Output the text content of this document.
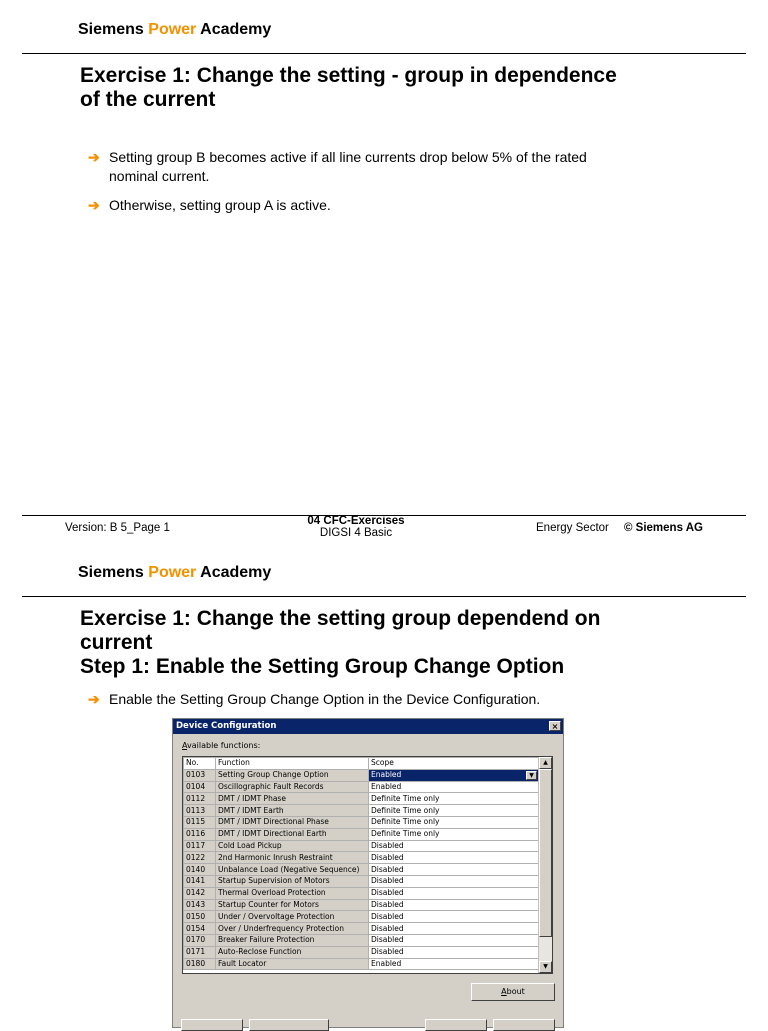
Siemens Power Academy
Exercise 1: Change the setting - group in dependence
of the current
➔ Setting group B becomes active if all line currents drop below 5% of the rated
nominal current.
➔ Otherwise, setting group A is active.
Version: B 5_Page 1
04 CFC-Exercises
DIGSI 4 Basic	Energy Sector © Siemens AG
Siemens Power Academy
Exercise 1: Change the setting group dependend on
current
Step 1: Enable the Setting Group Change Option
➔ Enable the Setting Group Change Option in the Device Configuration.
Device Configuration	×
Available functions:
No.	Function	Scope
0103	Setting Group Change Option	Enabled ▼

0104	Oscillographic Fault Records	Enabled
0112	DMT / IDMT Phase	Definite Time only
0113	DMT / IDMT Earth	Definite Time only
0115	DMT / IDMT Directional Phase	Definite Time only
0116	DMT / IDMT Directional Earth	Definite Time only
0117	Cold Load Pickup	Disabled
0122	2nd Harmonic Inrush Restraint	Disabled
0140	Unbalance Load (Negative Sequence)	Disabled
0141	Startup Supervision of Motors	Disabled
0142	Thermal Overload Protection	Disabled
0143	Startup Counter for Motors	Disabled
0150	Under / Overvoltage Protection	Disabled
0154	Over / Underfrequency Protection	Disabled
0170	Breaker Failure Protection	Disabled
0171	Auto-Reclose Function	Disabled
0180	Fault Locator	Enabled
▲
▼
About
